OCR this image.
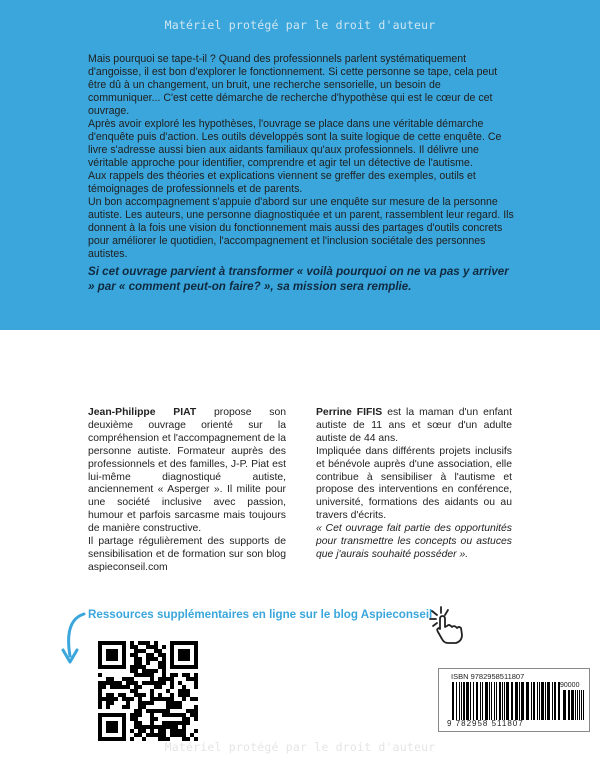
Matériel protégé par le droit d'auteur

Mais pourquoi se tape-t-il ? Quand des professionnels parlent systématiquement d'angoisse, il est bon d'explorer le fonctionnement. Si cette personne se tape, cela peut être dû à un changement, un bruit, une recherche sensorielle, un besoin de communiquer... C'est cette démarche de recherche d'hypothèse qui est le cœur de cet ouvrage.

Après avoir exploré les hypothèses, l'ouvrage se place dans une véritable démarche d'enquête puis d'action. Les outils développés sont la suite logique de cette enquête. Ce livre s'adresse aussi bien aux aidants familiaux qu'aux professionnels. Il délivre une véritable approche pour identifier, comprendre et agir tel un détective de l'autisme.

Aux rappels des théories et explications viennent se greffer des exemples, outils et témoignages de professionnels et de parents.

Un bon accompagnement s'appuie d'abord sur une enquête sur mesure de la personne autiste. Les auteurs, une personne diagnostiquée et un parent, rassemblent leur regard. Ils donnent à la fois une vision du fonctionnement mais aussi des partages d'outils concrets pour améliorer le quotidien, l'accompagnement et l'inclusion sociétale des personnes autistes.

Si cet ouvrage parvient à transformer « voilà pourquoi on ne va pas y arriver » par « comment peut-on faire? », sa mission sera remplie.

Jean-Philippe PIAT propose son deuxième ouvrage orienté sur la compréhension et l'accompagnement de la personne autiste. Formateur auprès des professionnels et des familles, J-P. Piat est lui-même diagnostiqué autiste, anciennement « Asperger ». Il milite pour une société inclusive avec passion, humour et parfois sarcasme mais toujours de manière constructive.

Il partage régulièrement des supports de sensibilisation et de formation sur son blog aspieconseil.com

Perrine FIFIS est la maman d'un enfant autiste de 11 ans et sœur d'un adulte autiste de 44 ans.

Impliquée dans différents projets inclusifs et bénévole auprès d'une association, elle contribue à sensibiliser à l'autisme et propose des interventions en conférence, université, formations des aidants ou au travers d'écrits.

« Cet ouvrage fait partie des opportunités pour transmettre les concepts ou astuces que j'aurais souhaité posséder ».

Ressources supplémentaires en ligne sur le blog Aspieconseil
ISBN 9782958511807
90000
9 782958 511807
Matériel protégé par le droit d'auteur
